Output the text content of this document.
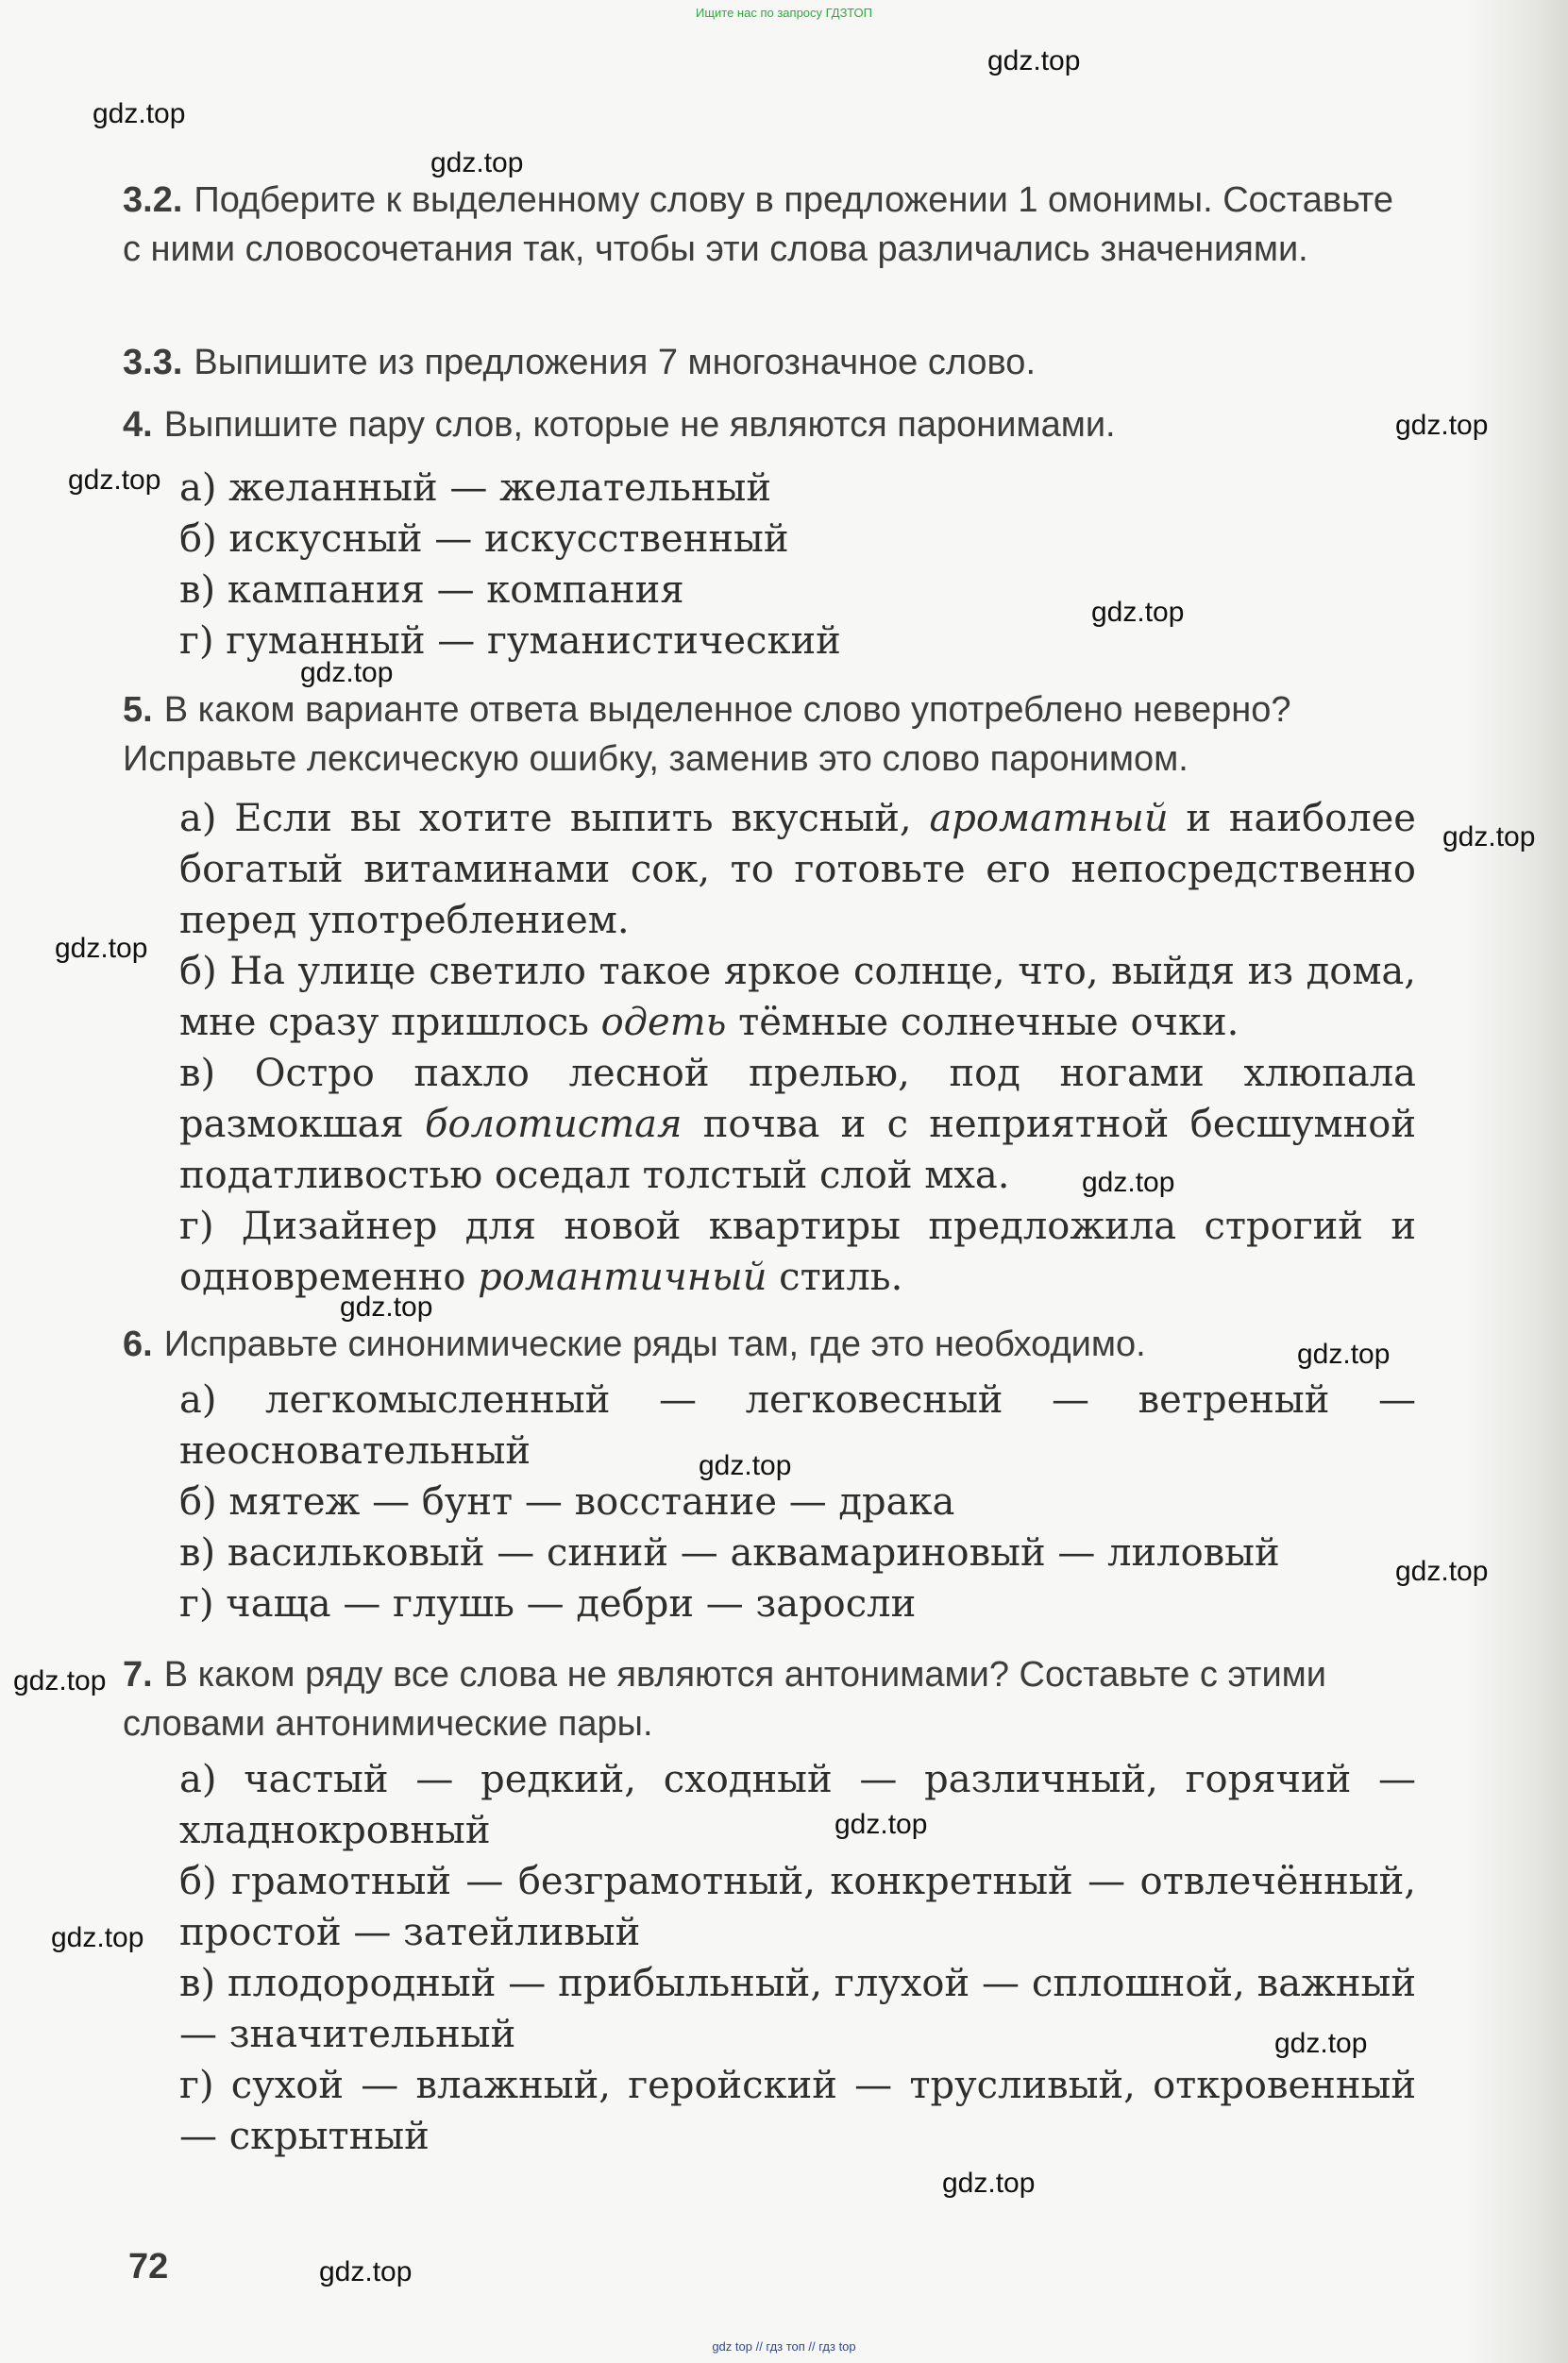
Ищите нас по запросу ГДЗТОП
3.2. Подберите к выделенному слову в предложении 1 омонимы. Составьте с ними словосочетания так, чтобы эти слова различались значениями.
3.3. Выпишите из предложения 7 многозначное слово.
4. Выпишите пару слов, которые не являются паронимами.
а) желанный — желательный
б) искусный — искусственный
в) кампания — компания
г) гуманный — гуманистический
5. В каком варианте ответа выделенное слово употреблено неверно? Исправьте лексическую ошибку, заменив это слово паронимом.
а) Если вы хотите выпить вкусный, ароматный и наиболее богатый витаминами сок, то готовьте его непосредственно перед употреблением.
б) На улице светило такое яркое солнце, что, выйдя из дома, мне сразу пришлось одеть тёмные солнечные очки.
в) Остро пахло лесной прелью, под ногами хлюпала размокшая болотистая почва и с неприятной бесшумной податливостью оседал толстый слой мха.
г) Дизайнер для новой квартиры предложила строгий и одновременно романтичный стиль.
6. Исправьте синонимические ряды там, где это необходимо.
а) легкомысленный — легковесный — ветреный — неосновательный
б) мятеж — бунт — восстание — драка
в) васильковый — синий — аквамариновый — лиловый
г) чаща — глушь — дебри — заросли
7. В каком ряду все слова не являются антонимами? Составьте с этими словами антонимические пары.
а) частый — редкий, сходный — различный, горячий — хладнокровный
б) грамотный — безграмотный, конкретный — отвлечённый, простой — затейливый
в) плодородный — прибыльный, глухой — сплошной, важный — значительный
г) сухой — влажный, геройский — трусливый, откровенный — скрытный
72
gdz.top
gdz.top
gdz.top
gdz.top
gdz.top
gdz.top
gdz.top
gdz.top
gdz.top
gdz.top
gdz.top
gdz.top
gdz.top
gdz.top
gdz.top
gdz.top
gdz.top
gdz.top
gdz.top
gdz.top
gdz top // гдз топ // гдз top
